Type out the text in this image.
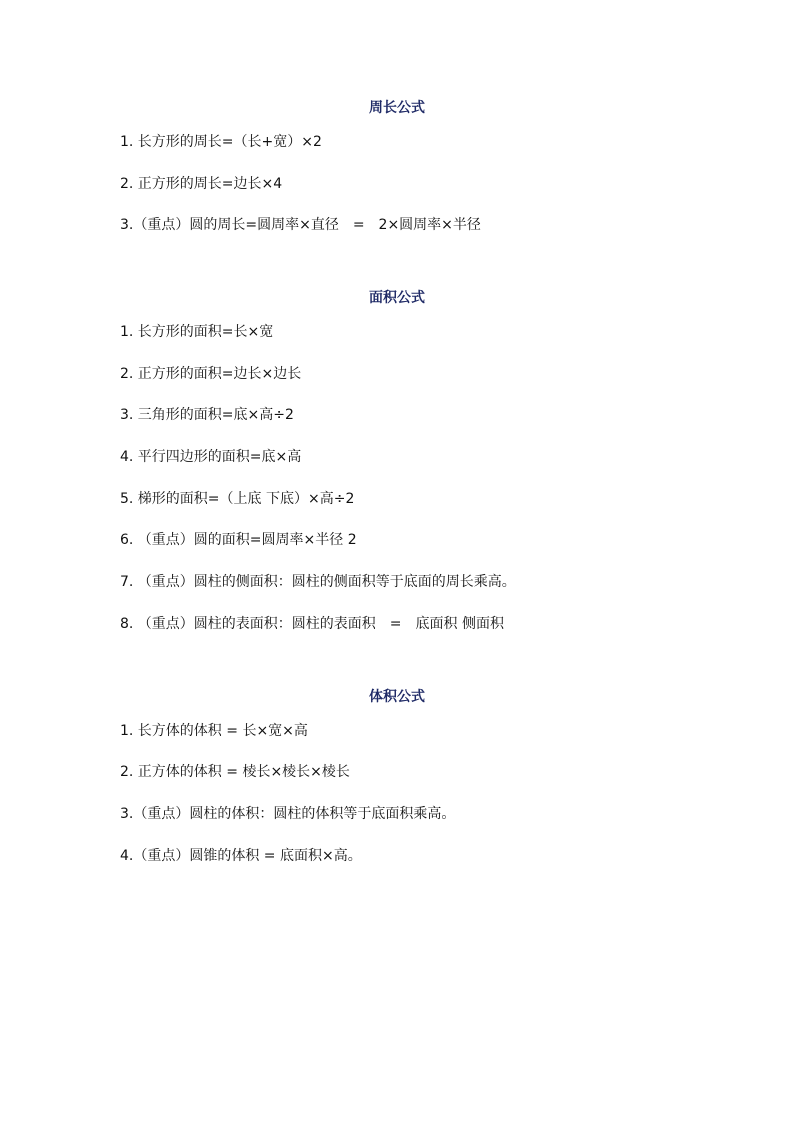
周长公式
1. 长方形的周长=（长+宽）×2
2. 正方形的周长=边长×4
3.（重点）圆的周长=圆周率×直径　=　2×圆周率×半径
面积公式
1. 长方形的面积=长×宽
2. 正方形的面积=边长×边长
3. 三角形的面积=底×高÷2
4. 平行四边形的面积=底×高
5. 梯形的面积=（上底 下底）×高÷2
6. （重点）圆的面积=圆周率×半径 2
7. （重点）圆柱的侧面积：圆柱的侧面积等于底面的周长乘高。
8. （重点）圆柱的表面积：圆柱的表面积　=　底面积 侧面积
体积公式
1. 长方体的体积 = 长×宽×高
2. 正方体的体积 = 棱长×棱长×棱长
3.（重点）圆柱的体积：圆柱的体积等于底面积乘高。
4.（重点）圆锥的体积 = 底面积×高。
